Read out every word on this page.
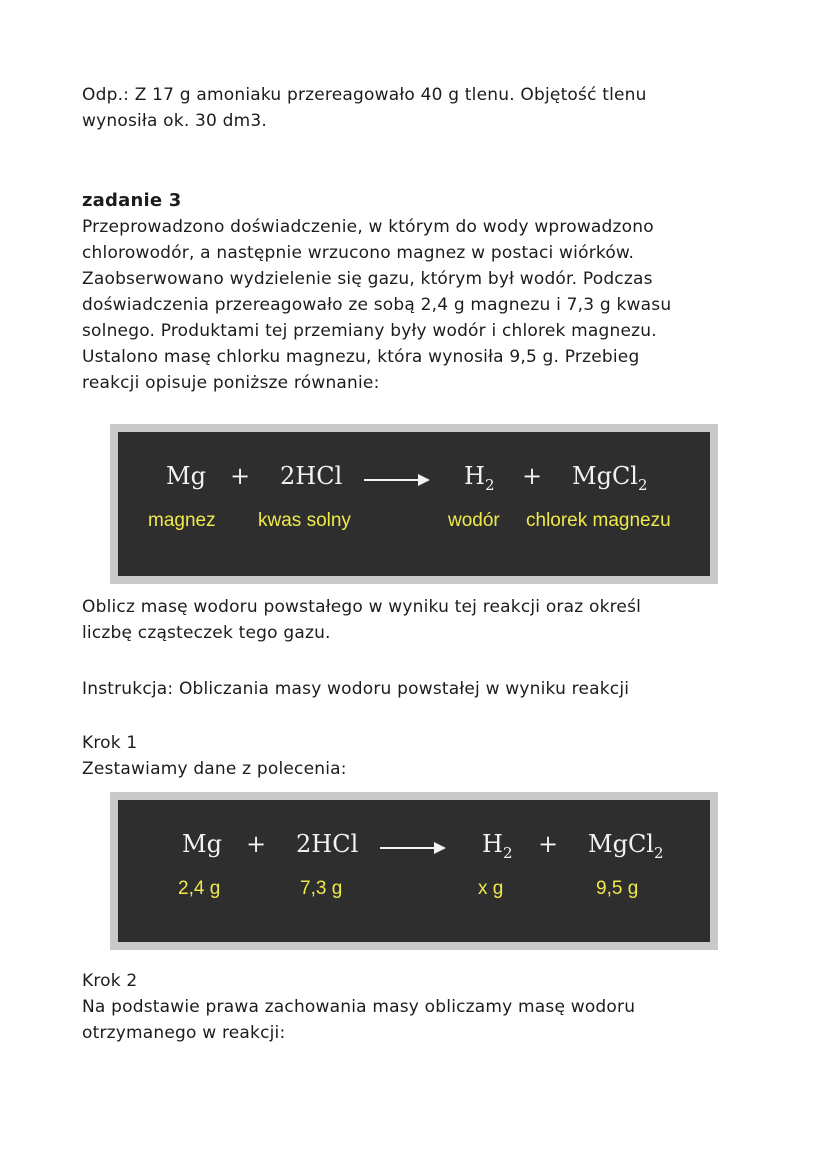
Odp.: Z 17 g amoniaku przereagowało 40 g tlenu. Objętość tlenu
wynosiła ok. 30 dm3.
zadanie 3
Przeprowadzono doświadczenie, w którym do wody wprowadzono
chlorowodór, a następnie wrzucono magnez w postaci wiórków.
Zaobserwowano wydzielenie się gazu, którym był wodór. Podczas
doświadczenia przereagowało ze sobą 2,4 g magnezu i 7,3 g kwasu
solnego. Produktami tej przemiany były wodór i chlorek magnezu.
Ustalono masę chlorku magnezu, która wynosiła 9,5 g. Przebieg
reakcji opisuje poniższe równanie:
$Mg + 2HCl \to H_2$ + MgCl$_2$
magnez kwas solny	wodór chlorek magnezu
Oblicz masę wodoru powstałego w wyniku tej reakcji oraz określ
liczbę cząsteczek tego gazu.
Instrukcja: Obliczania masy wodoru powstałej w wyniku reakcji
Krok 1
Zestawiamy dane z polecenia:
$Mg + 2HCl \to H_2$ + MgCl$_2$
2,4 g	7,3 g	x g	9,5 g
Krok 2
Na podstawie prawa zachowania masy obliczamy masę wodoru
otrzymanego w reakcji:
